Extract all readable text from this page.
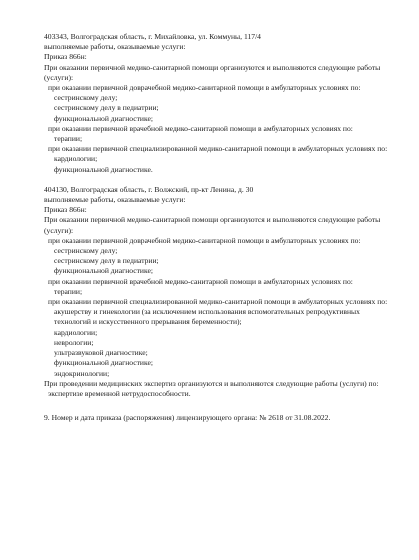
403343, Волгоградская область, г. Михайловка, ул. Коммуны, 117/4
выполняемые работы, оказываемые услуги:
Приказ 866н:
При оказании первичной медико-санитарной помощи организуются и выполняются следующие работы (услуги):
при оказании первичной доврачебной медико-санитарной помощи в амбулаторных условиях по:
сестринскому делу;
сестринскому делу в педиатрии;
функциональной диагностике;
при оказании первичной врачебной медико-санитарной помощи в амбулаторных условиях по:
терапии;
при оказании первичной специализированной медико-санитарной помощи в амбулаторных условиях по:
кардиологии;
функциональной диагностике.
404130, Волгоградская область, г. Волжский, пр-кт Ленина, д. 30
выполняемые работы, оказываемые услуги:
Приказ 866н:
При оказании первичной медико-санитарной помощи организуются и выполняются следующие работы (услуги):
при оказании первичной доврачебной медико-санитарной помощи в амбулаторных условиях по:
сестринскому делу;
сестринскому делу в педиатрии;
функциональной диагностике;
при оказании первичной врачебной медико-санитарной помощи в амбулаторных условиях по:
терапии;
при оказании первичной специализированной медико-санитарной помощи в амбулаторных условиях по:
акушерству и гинекологии (за исключением использования вспомогательных репродуктивных технологий и искусственного прерывания беременности);
кардиологии;
неврологии;
ультразвуковой диагностике;
функциональной диагностике;
эндокринологии;
При проведении медицинских экспертиз организуются и выполняются следующие работы (услуги) по:
экспертизе временной нетрудоспособности.
9. Номер и дата приказа (распоряжения) лицензирующего органа: № 2618 от 31.08.2022.
